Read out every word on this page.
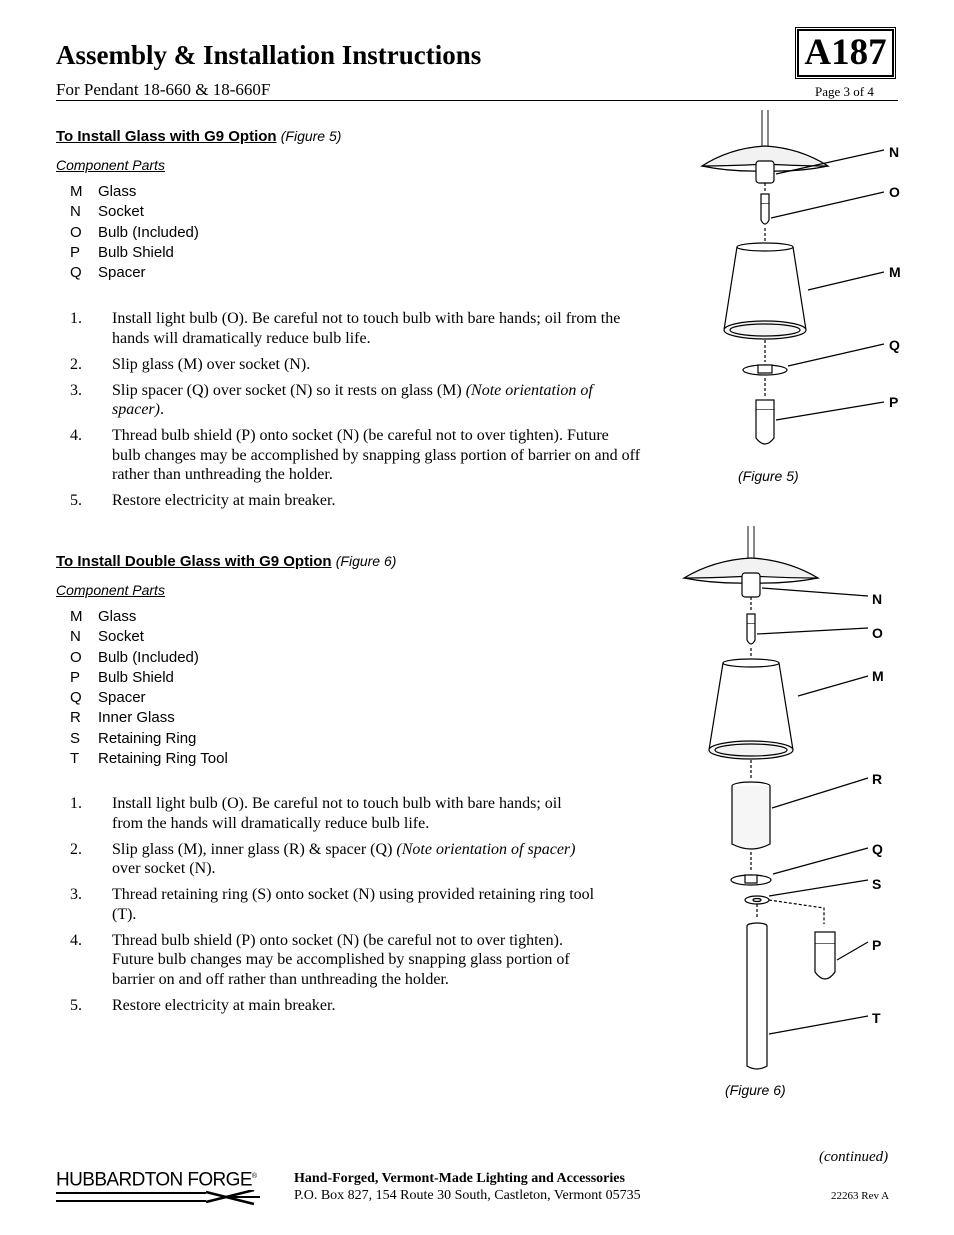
Assembly & Installation Instructions
For Pendant 18-660 & 18-660F
A187
Page 3 of 4
To Install Glass with G9 Option (Figure 5)
Component Parts
M	Glass
N	Socket
O	Bulb (Included)
P	Bulb Shield
Q	Spacer
1.	Install light bulb (O). Be careful not to touch bulb with bare hands; oil from the hands will dramatically reduce bulb life.
2.	Slip glass (M) over socket (N).
3.	Slip spacer (Q) over socket (N) so it rests on glass (M) (Note orientation of spacer).
4.	Thread bulb shield (P) onto socket (N) (be careful not to over tighten). Future bulb changes may be accomplished by snapping glass portion of barrier on and off rather than unthreading the holder.
5.	Restore electricity at main breaker.
N
O
M
Q
P
(Figure 5)
To Install Double Glass with G9 Option (Figure 6)
Component Parts
M	Glass
N	Socket
O	Bulb (Included)
P	Bulb Shield
Q	Spacer
R	Inner Glass
S	Retaining Ring
T	Retaining Ring Tool
1.	Install light bulb (O). Be careful not to touch bulb with bare hands; oil from the hands will dramatically reduce bulb life.
2.	Slip glass (M), inner glass (R) & spacer (Q) (Note orientation of spacer) over socket (N).
3.	Thread retaining ring (S) onto socket (N) using provided retaining ring tool (T).
4.	Thread bulb shield (P) onto socket (N) (be careful not to over tighten). Future bulb changes may be accomplished by snapping glass portion of barrier on and off rather than unthreading the holder.
5.	Restore electricity at main breaker.
N
O
M
R
Q
S
P
T
(Figure 6)
(continued)
HUBBARDTON FORGE®	Hand-Forged, Vermont-Made Lighting and Accessories
P.O. Box 827, 154 Route 30 South, Castleton, Vermont 05735	22263 Rev A
